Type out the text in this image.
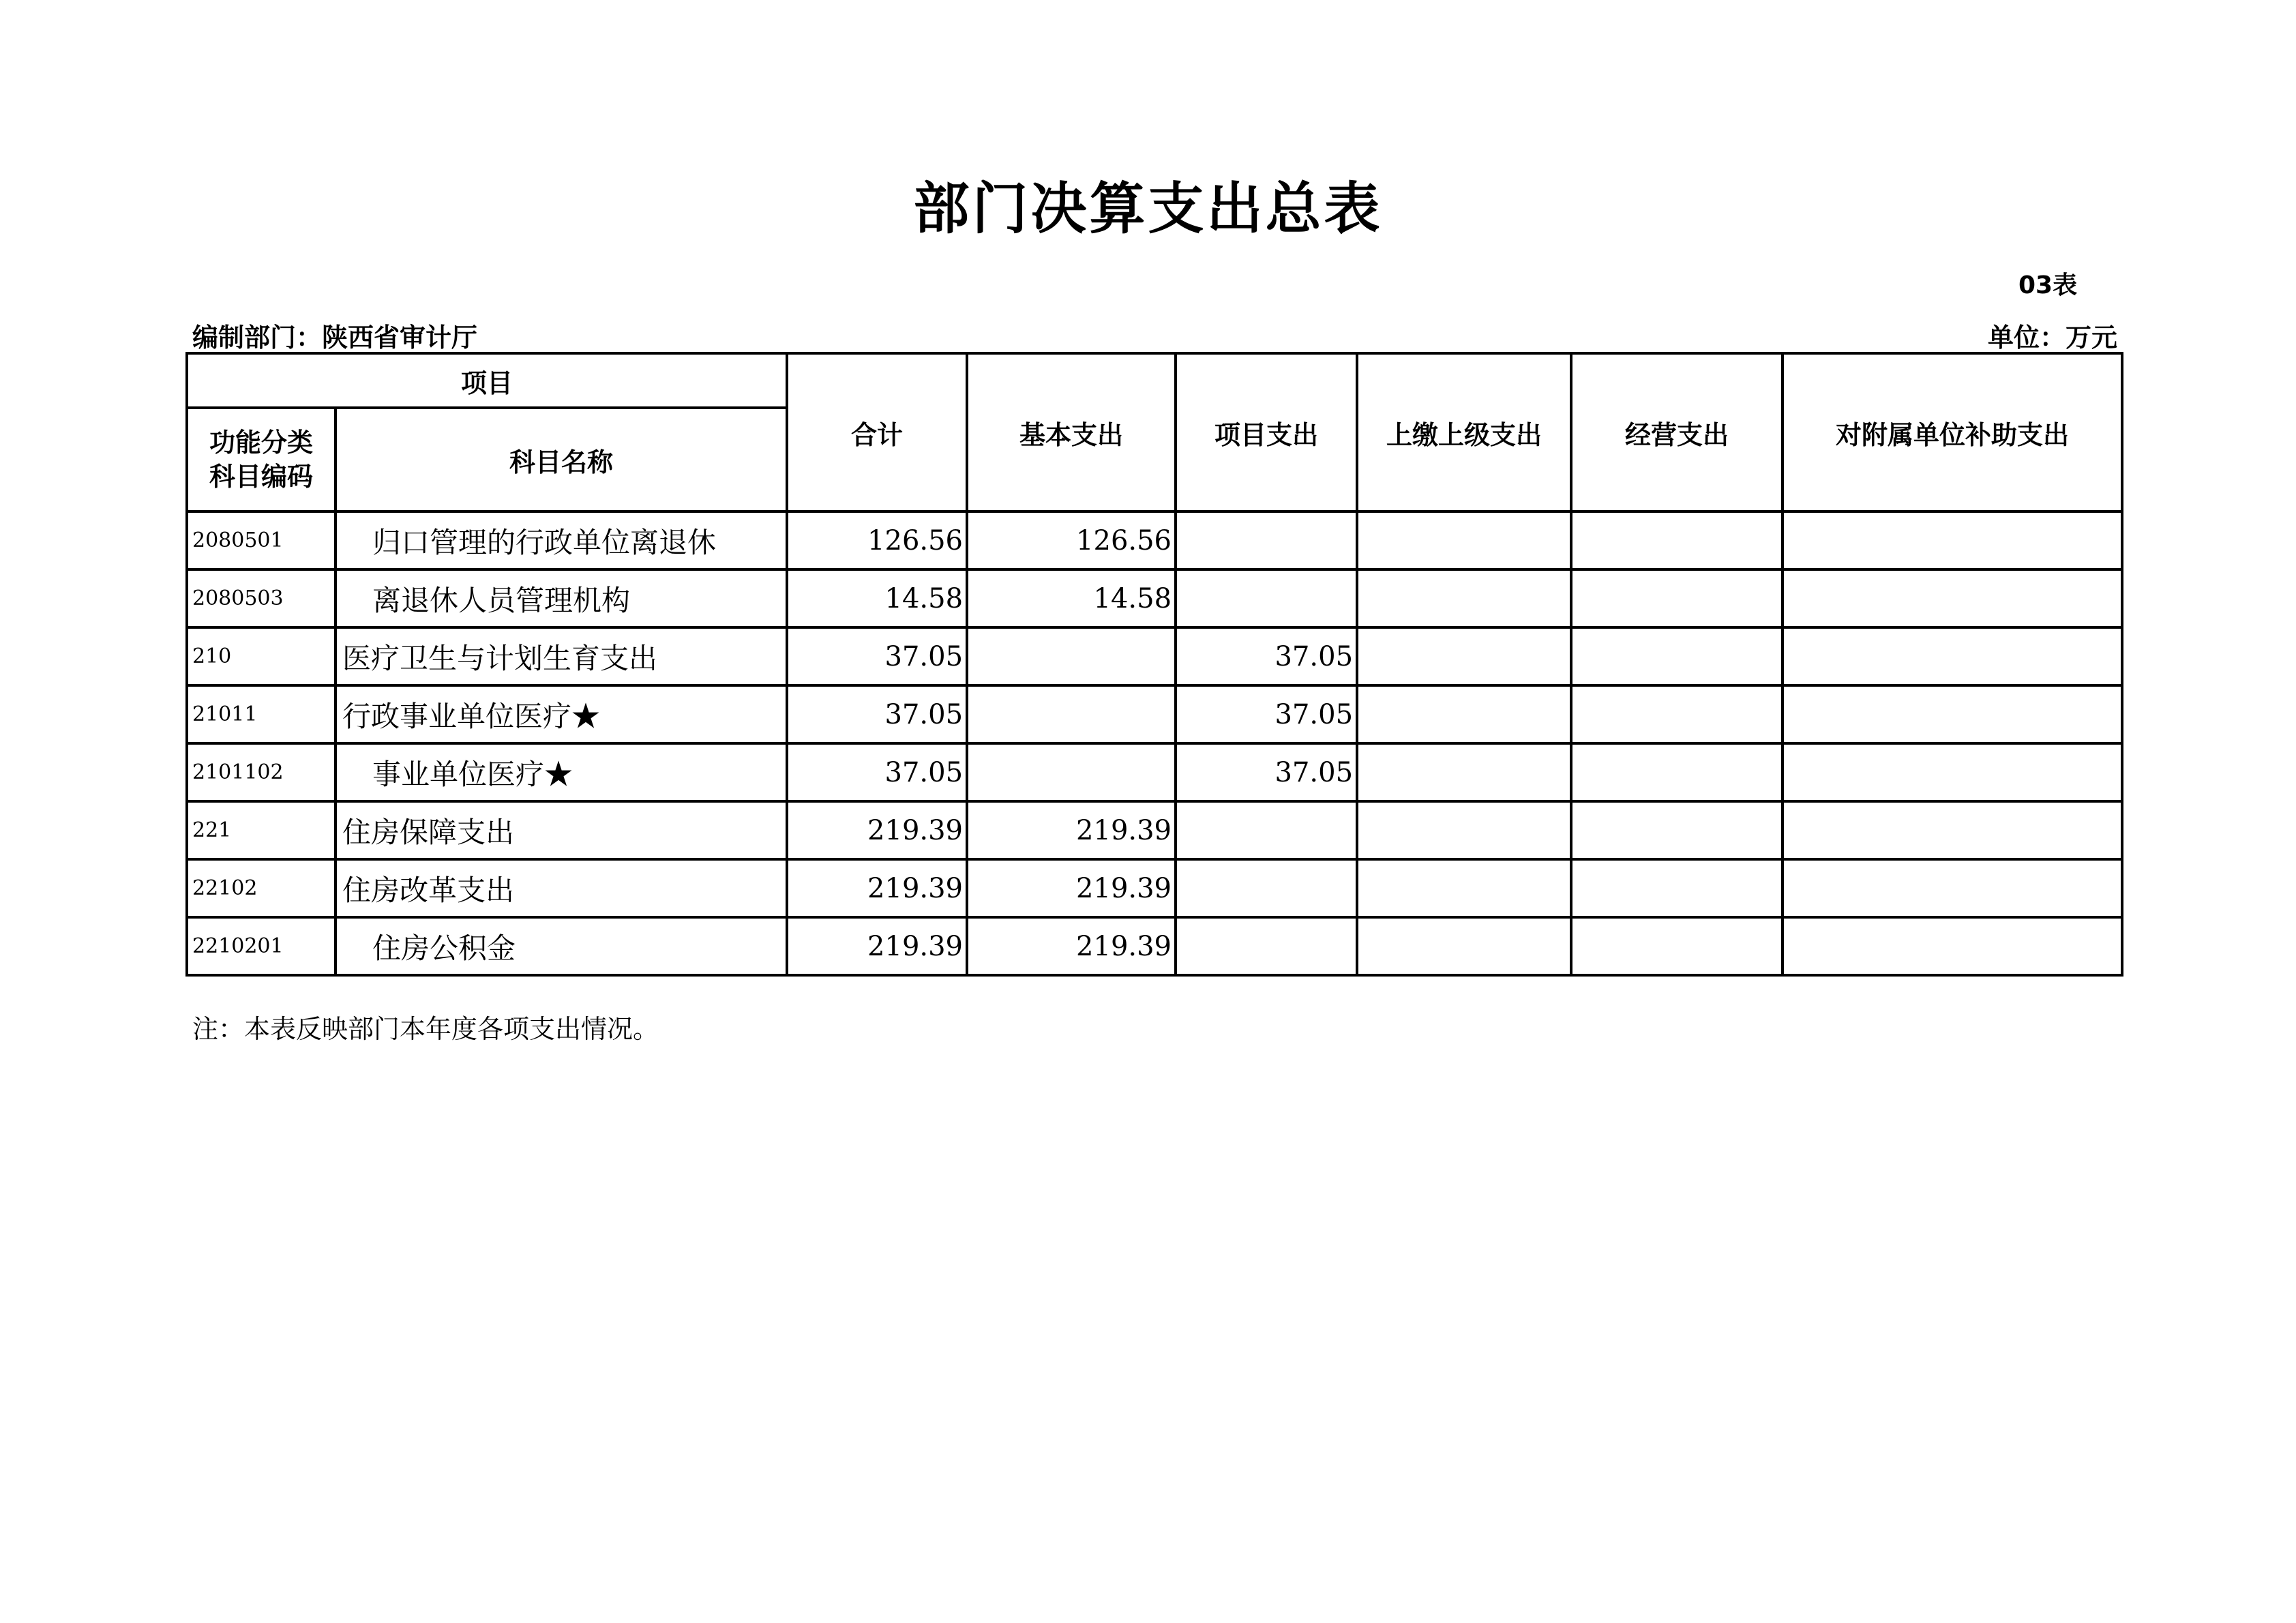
部门决算支出总表
03表
编制部门：陕西省审计厅	单位：万元
项目		合计	基本支出	项目支出	上缴上级支出	经营支出	对附属单位补助支出
功能分类
科目编码	科目名称						
2080501	归口管理的行政单位离退休	126.56	126.56				
2080503	离退休人员管理机构	14.58	14.58				
210	医疗卫生与计划生育支出	37.05		37.05			
21011	行政事业单位医疗★	37.05		37.05			
2101102	事业单位医疗★	37.05		37.05			
221	住房保障支出	219.39	219.39				
22102	住房改革支出	219.39	219.39				
2210201	住房公积金	219.39	219.39				
注：本表反映部门本年度各项支出情况。
